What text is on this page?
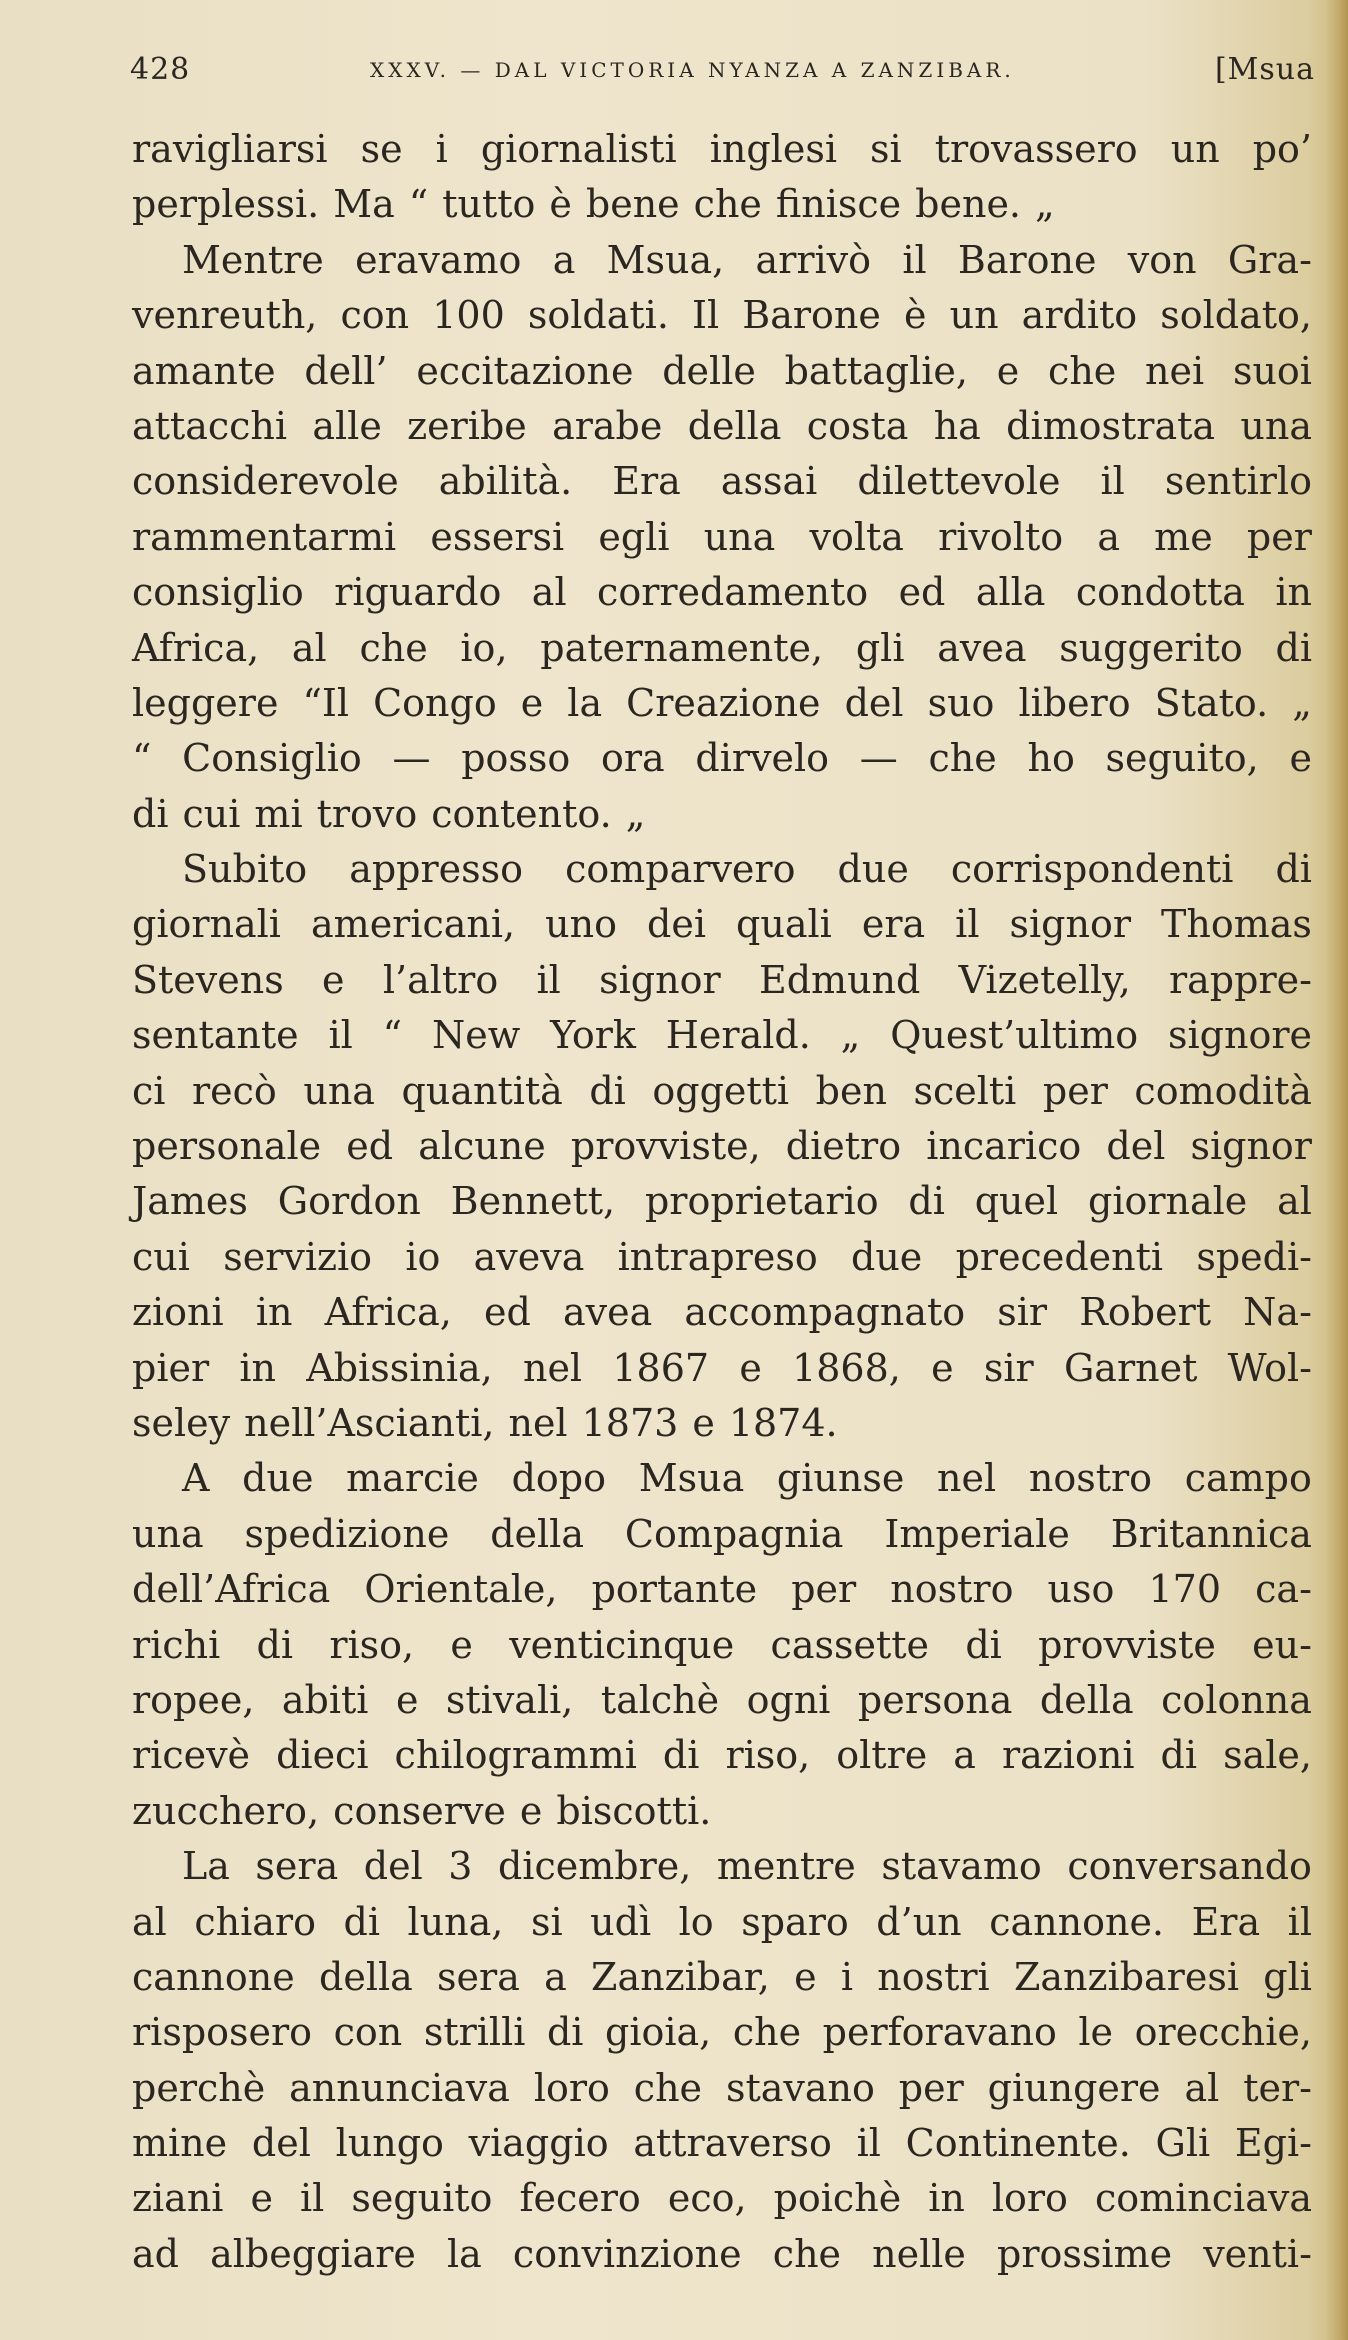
428	XXXV. — DAL VICTORIA NYANZA A ZANZIBAR.	[Msua
ravigliarsi se i giornalisti inglesi si trovassero un po’
perplessi. Ma “ tutto è bene che finisce bene. „
Mentre eravamo a Msua, arrivò il Barone von Gra-
venreuth, con 100 soldati. Il Barone è un ardito soldato,
amante dell’ eccitazione delle battaglie, e che nei suoi
attacchi alle zeribe arabe della costa ha dimostrata una
considerevole abilità. Era assai dilettevole il sentirlo
rammentarmi essersi egli una volta rivolto a me per
consiglio riguardo al corredamento ed alla condotta in
Africa, al che io, paternamente, gli avea suggerito di
leggere “Il Congo e la Creazione del suo libero Stato. „
“ Consiglio — posso ora dirvelo — che ho seguito, e
di cui mi trovo contento. „
Subito appresso comparvero due corrispondenti di
giornali americani, uno dei quali era il signor Thomas
Stevens e l’altro il signor Edmund Vizetelly, rappre-
sentante il “ New York Herald. „ Quest’ultimo signore
ci recò una quantità di oggetti ben scelti per comodità
personale ed alcune provviste, dietro incarico del signor
James Gordon Bennett, proprietario di quel giornale al
cui servizio io aveva intrapreso due precedenti spedi-
zioni in Africa, ed avea accompagnato sir Robert Na-
pier in Abissinia, nel 1867 e 1868, e sir Garnet Wol-
seley nell’Ascianti, nel 1873 e 1874.
A due marcie dopo Msua giunse nel nostro campo
una spedizione della Compagnia Imperiale Britannica
dell’Africa Orientale, portante per nostro uso 170 ca-
richi di riso, e venticinque cassette di provviste eu-
ropee, abiti e stivali, talchè ogni persona della colonna
ricevè dieci chilogrammi di riso, oltre a razioni di sale,
zucchero, conserve e biscotti.
La sera del 3 dicembre, mentre stavamo conversando
al chiaro di luna, si udì lo sparo d’un cannone. Era il
cannone della sera a Zanzibar, e i nostri Zanzibaresi gli
risposero con strilli di gioia, che perforavano le orecchie,
perchè annunciava loro che stavano per giungere al ter-
mine del lungo viaggio attraverso il Continente. Gli Egi-
ziani e il seguito fecero eco, poichè in loro cominciava
ad albeggiare la convinzione che nelle prossime venti-
